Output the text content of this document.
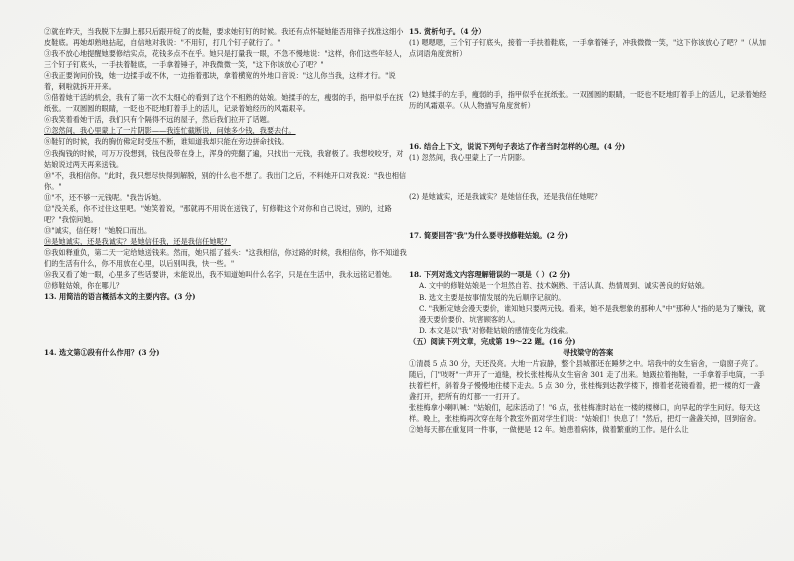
②就在昨天，当我脱下左脚上那只后跟开绽了的皮鞋，要求她钉钉的时候。我还有点怀疑她能否用锋子找准这细小皮鞋底。再她却熟地拈起，自信地对我说："不用钉，打几个钉子就行了。"

③我不放心地提醒她要修结实点，花钱多点不在乎。她只是打量我一眼，不急不慢地说："这样，你们这些年轻人，三个钉子钉底头，一手扶着鞋底，一手拿着锤子，冲我微微一笑，"这下你该放心了吧？"

④我正要询问价钱，她一边揉手或不休，一边指着那块，拿着横宽的外地口音说："这儿你当我，这样才行。"说着，刺啦就拆开开来。

⑤借着她干活的机会，我有了第一次不太细心的看到了这个不相熟的姑娘。她揉手的左，瘦弱的手，指甲似乎在抚纸张。一双圆圆的眼睛，一眨也不眨地盯着手上的活儿，记录着她经历的风霜艰辛。

⑥我笑着看她干活，我们只有个隔得不远的屋子，然后我们拉开了话题。

⑦忽然间，我心里蒙上了一片阴影——我连忙截断说，问她多少钱，我要去付。

⑧鞋钉的时候，我的胸仿佛定时受压不断，谁知道我却只能在旁边拼命找钱。

⑨我掏钱的时候，可万万没想到，钱包没带在身上，浑身的兜翻了遍，只找出一元钱，我窘极了。我想咬咬牙，对姑娘说过两天再来送钱。

⑩"不，我相信你。"此时，我只想尽快得到解脱，别的什么也不想了。我出门之后，不料她开口对我说："我也相信你。"

⑪"不，还不够一元钱呢。"我告诉她。

⑫"没关系，你不过住这里吧。"她笑着说，"那就再不用说在送钱了，钉修鞋这个对你和自己说过，别的，过路吧？"我惊问她。

⑬"诚实，信任呀！"她脱口而出。

⑭是她诚实，还是我诚实？是她信任我，还是我信任她呢？

⑮我如释重负，第二天一定给她送钱来。然而，她只摇了摇头："这我相信，你过路的时候，我相信你，你不知道我们的生活有什么，你不用放在心里，以后别叫我，快一些。"

⑯我又看了她一眼，心里多了些话要讲，未能说出，我不知道她叫什么名字，只是在生活中，我永远铭记着她。

⑰修鞋姑娘，你在哪儿？

13. 用简洁的语言概括本文的主要内容。(3 分)

14. 选文第①段有什么作用？(3 分)

15. 赏析句子。（4 分）

(1) 嗯嗯嗯，三个钉子钉底头，接着一手扶着鞋底，一手拿着锤子，冲我微微一笑，"这下你该放心了吧？"（从加点词语角度赏析）

(2) 她揉手的左手，瘦弱的手，指甲似乎在抚纸张。一双圆圆的眼睛，一眨也不眨地盯着手上的活儿，记录着她经历的风霜艰辛。（从人物描写角度赏析）

16. 结合上下文，说说下列句子表达了作者当时怎样的心理。(4 分)

(1) 忽然间，我心里蒙上了一片阴影。

(2) 是她诚实，还是我诚实？是她信任我，还是我信任她呢？

17. 简要回答"我"为什么要寻找修鞋姑娘。(2 分)

18. 下列对选文内容理解错误的一项是（ ）(2 分)

A. 文中的修鞋姑娘是一个坦然自若、技术娴熟、干活认真、热情周到、诚实善良的好姑娘。

B. 选文主要是按事情发展的先后顺序记叙的。

C. "我断定她会漫天要价，谁知她只要两元钱。看来，她不是我想象的那种人"中"那种人"指的是为了赚钱，就漫天要价要价、坑害顾客的人。

D. 本文是以"我"对修鞋姑娘的感情变化为线索。

（五）阅读下列文章，完成第 19～22 题。(16 分)

寻找梁守的答案

①清晨 5 点 30 分，天还没亮。大地一片寂静，整个县城都还在睡梦之中。培我中的女生宿舍，一扇窗子亮了。随后，门"吱呀"一声开了一道缝，校长张桂梅从女生宿舍 301 走了出来。她趿拉着拖鞋，一手拿着手电筒，一手扶着栏杆，斜着身子慢慢地往楼下走去。5 点 30 分，张桂梅到达教学楼下，擦着老花镜看着，把一楼的灯一盏盏打开，把所有的灯都一一打开了。

张桂梅拿小喇叭喊："姑娘们，起床活动了！"6 点，张桂梅准时站在一楼的楼梯口，向早起的学生问好。每天这样。晚上，张桂梅再次穿在每个教室外面对学生们说："姑娘们！快息了！"然后，把灯一盏盏关掉，回到宿舍。

②她每天都在重复同一件事，一做便是 12 年。她患着病体，做着繁重的工作。是什么让
